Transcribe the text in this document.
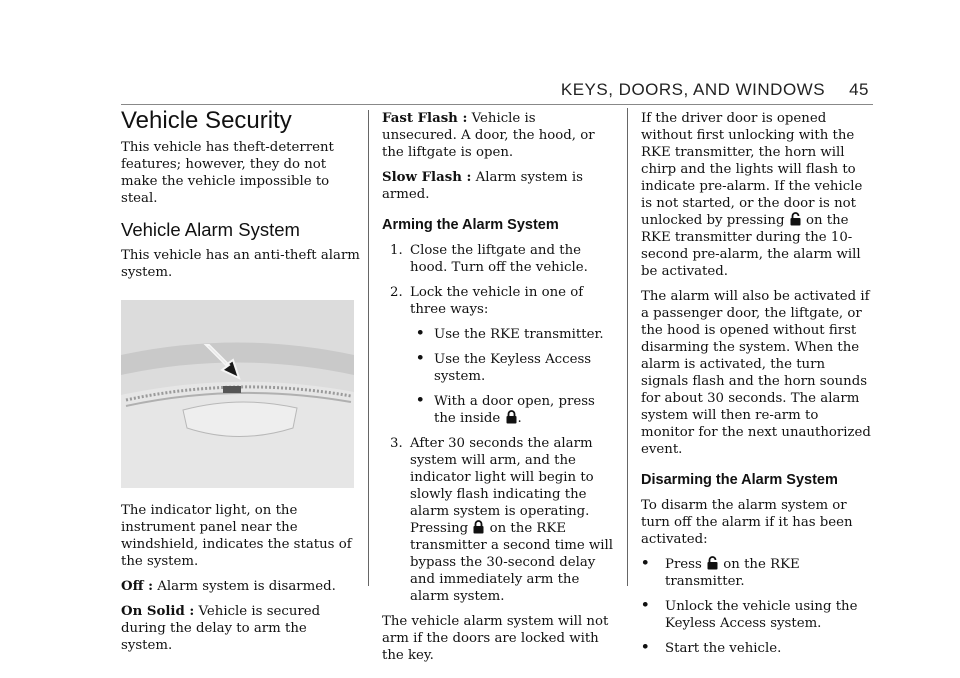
KEYS, DOORS, AND WINDOWS 45
Vehicle Security

This vehicle has theft-deterrent features; however, they do not make the vehicle impossible to steal.

Vehicle Alarm System

This vehicle has an anti-theft alarm system.

The indicator light, on the instrument panel near the windshield, indicates the status of the system.

Off : Alarm system is disarmed.

On Solid : Vehicle is secured during the delay to arm the system.

Fast Flash : Vehicle is unsecured. A door, the hood, or the liftgate is open.

Slow Flash : Alarm system is armed.

Arming the Alarm System
1. Close the liftgate and the hood. Turn off the vehicle.
2. Lock the vehicle in one of three ways:
• Use the RKE transmitter.
• Use the Keyless Access system.
• With a door open, press the inside .
3. After 30 seconds the alarm system will arm, and the indicator light will begin to slowly flash indicating the alarm system is operating. Pressing on the RKE transmitter a second time will bypass the 30-second delay and immediately arm the alarm system.

The vehicle alarm system will not arm if the doors are locked with the key.

If the driver door is opened without first unlocking with the RKE transmitter, the horn will chirp and the lights will flash to indicate pre-alarm. If the vehicle is not started, or the door is not unlocked by pressing on the RKE transmitter during the 10-second pre-alarm, the alarm will be activated.

The alarm will also be activated if a passenger door, the liftgate, or the hood is opened without first disarming the system. When the alarm is activated, the turn signals flash and the horn sounds for about 30 seconds. The alarm system will then re-arm to monitor for the next unauthorized event.

Disarming the Alarm System

To disarm the alarm system or turn off the alarm if it has been activated:

• Press on the RKE transmitter.
• Unlock the vehicle using the Keyless Access system.
• Start the vehicle.
